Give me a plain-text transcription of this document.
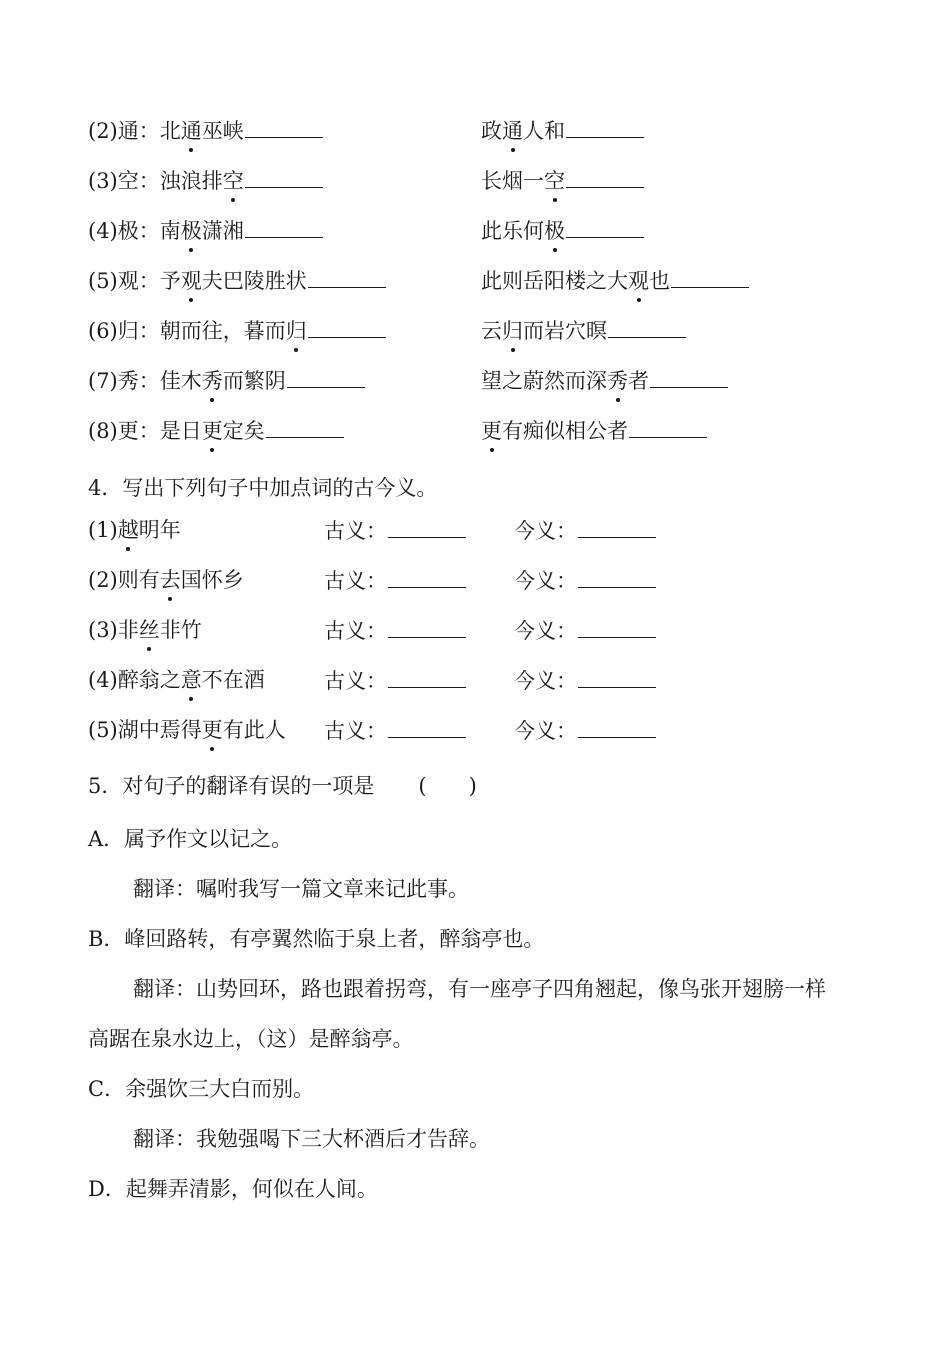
(2)通：北通巫峡	政通人和
(3)空：浊浪排空	长烟一空
(4)极：南极潇湘	此乐何极
(5)观：予观夫巴陵胜状	此则岳阳楼之大观也
(6)归：朝而往，暮而归	云归而岩穴暝
(7)秀：佳木秀而繁阴	望之蔚然而深秀者
(8)更：是日更定矣	更有痴似相公者
4．写出下列句子中加点词的古今义。
(1)越明年	古义：	今义：
(2)则有去国怀乡	古义：	今义：
(3)非丝非竹	古义：	今义：
(4)醉翁之意不在酒	古义：	今义：
(5)湖中焉得更有此人 古义：	今义：
5．对句子的翻译有误的一项是 (　　)
A．属予作文以记之。
翻译：嘱咐我写一篇文章来记此事。
B．峰回路转，有亭翼然临于泉上者，醉翁亭也。
翻译：山势回环，路也跟着拐弯，有一座亭子四角翘起，像鸟张开翅膀一样
高踞在泉水边上，（这）是醉翁亭。
C．余强饮三大白而别。
翻译：我勉强喝下三大杯酒后才告辞。
D．起舞弄清影，何似在人间。
